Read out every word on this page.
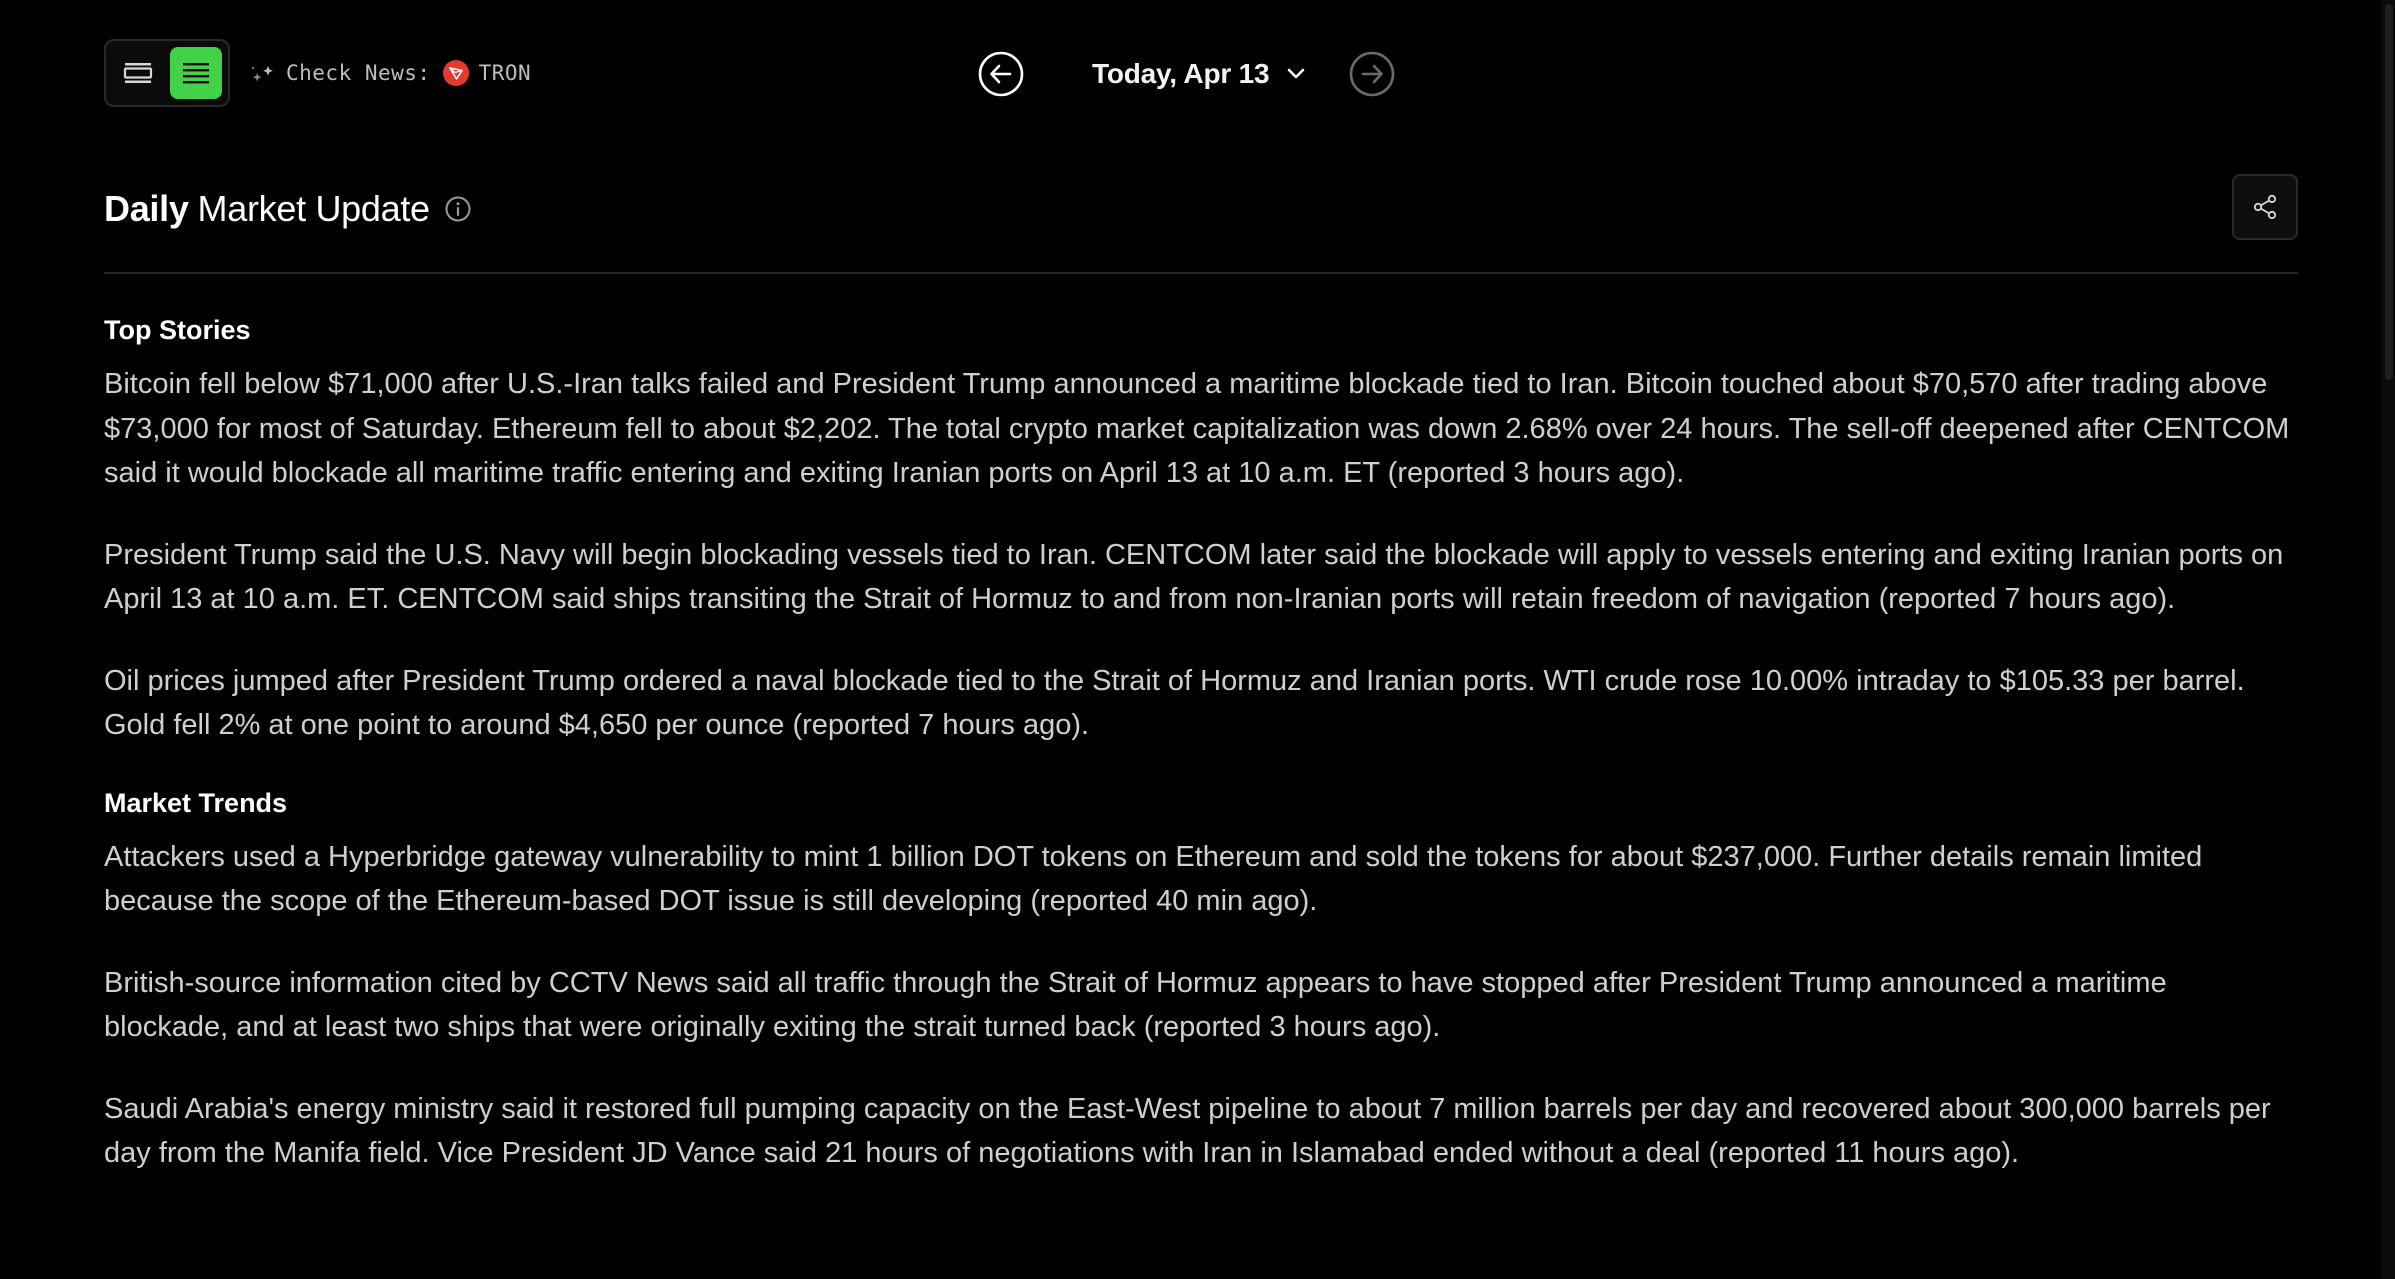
Check News: TRON	Today, Apr 13
Daily Market Update
Top Stories

Bitcoin fell below $71,000 after U.S.-Iran talks failed and President Trump announced a maritime blockade tied to Iran. Bitcoin touched about $70,570 after trading above $73,000 for most of Saturday. Ethereum fell to about $2,202. The total crypto market capitalization was down 2.68% over 24 hours. The sell-off deepened after CENTCOM said it would blockade all maritime traffic entering and exiting Iranian ports on April 13 at 10 a.m. ET (reported 3 hours ago).

President Trump said the U.S. Navy will begin blockading vessels tied to Iran. CENTCOM later said the blockade will apply to vessels entering and exiting Iranian ports on April 13 at 10 a.m. ET. CENTCOM said ships transiting the Strait of Hormuz to and from non-Iranian ports will retain freedom of navigation (reported 7 hours ago).

Oil prices jumped after President Trump ordered a naval blockade tied to the Strait of Hormuz and Iranian ports. WTI crude rose 10.00% intraday to $105.33 per barrel. Gold fell 2% at one point to around $4,650 per ounce (reported 7 hours ago).

Market Trends

Attackers used a Hyperbridge gateway vulnerability to mint 1 billion DOT tokens on Ethereum and sold the tokens for about $237,000. Further details remain limited because the scope of the Ethereum-based DOT issue is still developing (reported 40 min ago).

British-source information cited by CCTV News said all traffic through the Strait of Hormuz appears to have stopped after President Trump announced a maritime blockade, and at least two ships that were originally exiting the strait turned back (reported 3 hours ago).

Saudi Arabia's energy ministry said it restored full pumping capacity on the East-West pipeline to about 7 million barrels per day and recovered about 300,000 barrels per day from the Manifa field. Vice President JD Vance said 21 hours of negotiations with Iran in Islamabad ended without a deal (reported 11 hours ago).
